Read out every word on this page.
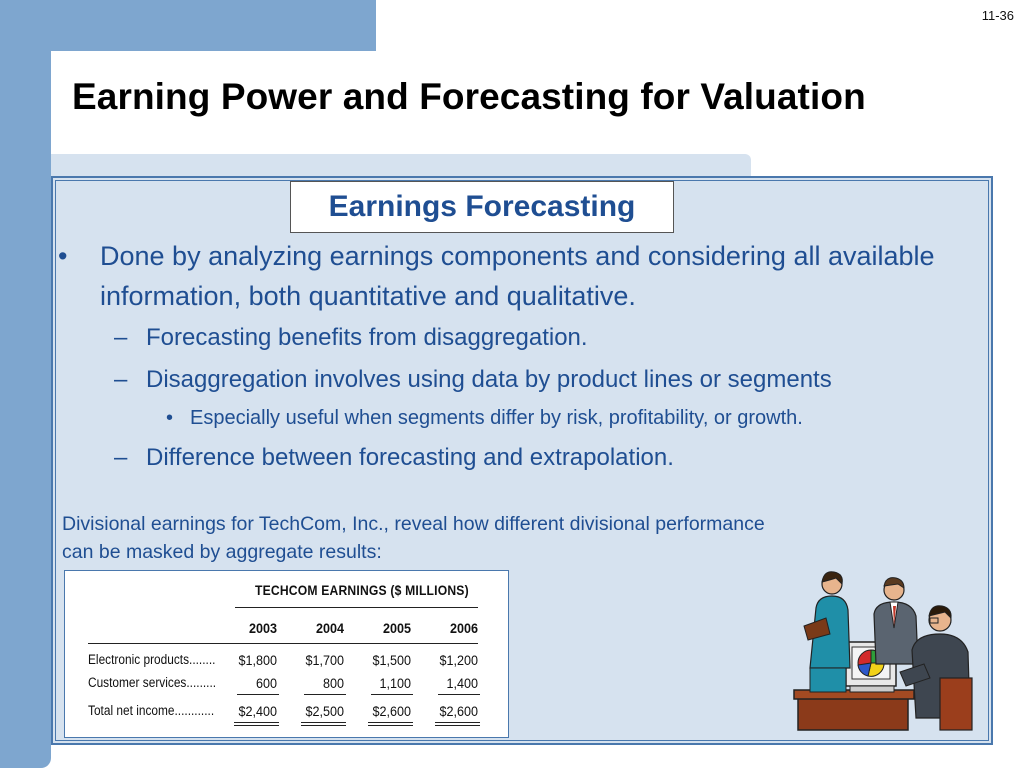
11-36
Earning Power and Forecasting for Valuation
Earnings Forecasting
• Done by analyzing earnings components and considering all available information, both quantitative and qualitative.
– Forecasting benefits from disaggregation.
– Disaggregation involves using data by product lines or segments
• Especially useful when segments differ by risk, profitability, or growth.
– Difference between forecasting and extrapolation.
Divisional earnings for TechCom, Inc., reveal how different divisional performance can be masked by aggregate results:
TECHCOM EARNINGS ($ MILLIONS)
2003	2004	2005	2006
Electronic products........	$1,800	$1,700	$1,500	$1,200
Customer services.........	600	800	1,100	1,400
Total net income............	$2,400	$2,500	$2,600	$2,600
